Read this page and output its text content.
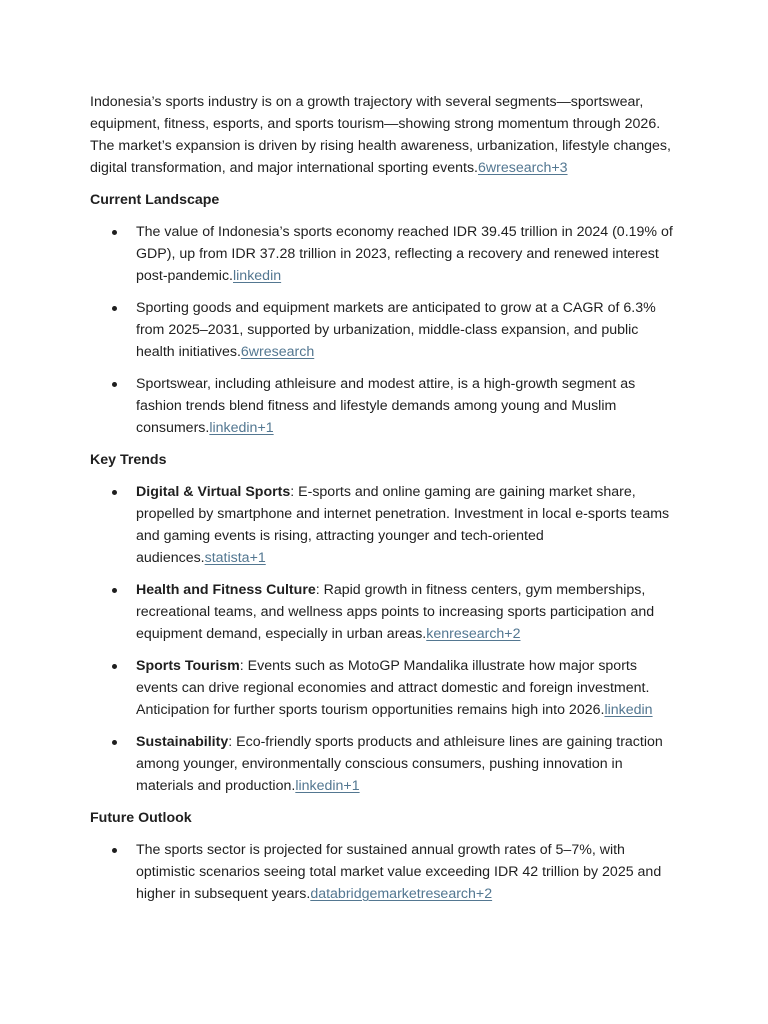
Indonesia’s sports industry is on a growth trajectory with several segments—sportswear, equipment, fitness, esports, and sports tourism—showing strong momentum through 2026. The market’s expansion is driven by rising health awareness, urbanization, lifestyle changes, digital transformation, and major international sporting events.6wresearch+3

Current Landscape
The value of Indonesia’s sports economy reached IDR 39.45 trillion in 2024 (0.19% of GDP), up from IDR 37.28 trillion in 2023, reflecting a recovery and renewed interest post-pandemic.linkedin
Sporting goods and equipment markets are anticipated to grow at a CAGR of 6.3% from 2025–2031, supported by urbanization, middle-class expansion, and public health initiatives.6wresearch
Sportswear, including athleisure and modest attire, is a high-growth segment as fashion trends blend fitness and lifestyle demands among young and Muslim consumers.linkedin+1
Key Trends
Digital & Virtual Sports: E-sports and online gaming are gaining market share, propelled by smartphone and internet penetration. Investment in local e-sports teams and gaming events is rising, attracting younger and tech-oriented audiences.statista+1
Health and Fitness Culture: Rapid growth in fitness centers, gym memberships, recreational teams, and wellness apps points to increasing sports participation and equipment demand, especially in urban areas.kenresearch+2
Sports Tourism: Events such as MotoGP Mandalika illustrate how major sports events can drive regional economies and attract domestic and foreign investment. Anticipation for further sports tourism opportunities remains high into 2026.linkedin
Sustainability: Eco-friendly sports products and athleisure lines are gaining traction among younger, environmentally conscious consumers, pushing innovation in materials and production.linkedin+1
Future Outlook
The sports sector is projected for sustained annual growth rates of 5–7%, with optimistic scenarios seeing total market value exceeding IDR 42 trillion by 2025 and higher in subsequent years.databridgemarketresearch+2
